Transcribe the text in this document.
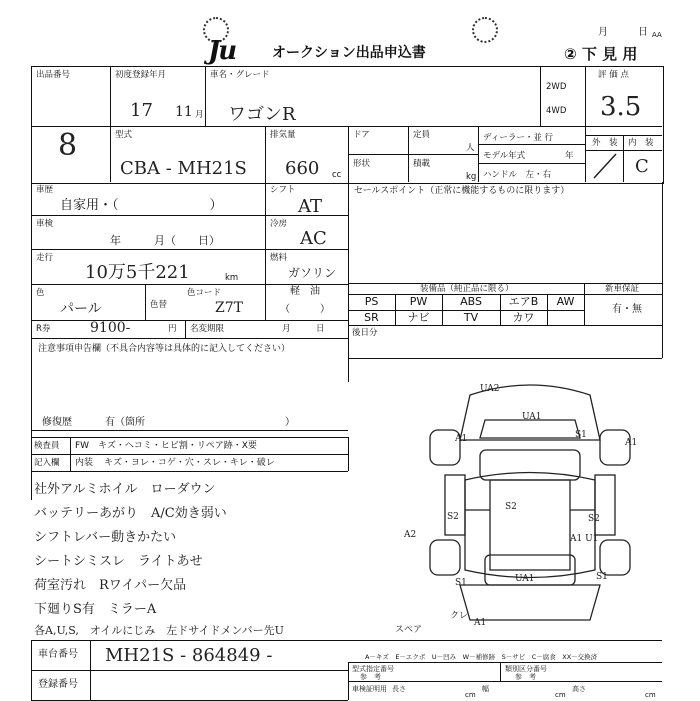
Ju	オークション出品申込書
月	日 AA
② 下 見 用
出品番号
8
初度登録年月
17 11 月
車名・グレード
ワゴンR
2WD
4WD
評 価 点
3.5
型式
CBA - MH21S
排気量
660 cc
ドア	定員
人
ディーラー・並 行
モデル年式	年
形状	積載
kg ハンドル　左・右
外　装 内　装
C
車歴
自家用・（　　　　　　　）
シフト
AT
セールスポイント（正常に機能するものに限ります）
車検
年　　　月（　　日）
冷房
AC
走行
10万5千221	km
燃料
ガソリン
軽　油
（　　　）
色
パール	色替
色コード
Z7T
R券	9100-	円 名変期限	月　　　日
装備品（純正品に限る）	新車保証
有・無
PS	PW	ABS	エアB	AW
SR	ナビ	TV	カワ
後日分
注意事項申告欄（不具合内容等は具体的に記入してください）
修復歴	有（箇所　　　　　　　　　　　　　　）
検査員 FW　キズ・ヘコミ・ヒビ割・リペア跡・X要
記入欄 内装 キズ・ヨレ・コゲ・穴・スレ・キレ・破レ
社外アルミホイル　ローダウン
バッテリーあがり　A/C効き弱い
シフトレバー動きかたい
シートシミスレ　ライトあせ
荷室汚れ　Rワイパー欠品
下廻りS有　ミラーA
各A,U,S,　オイルにじみ　左ドサイドメンバー先U
UA2
UA1
A1	S1
A1
S2
S2
S2
A2	A1 U1
S1	UA1	S1
A1
クレ
スペア
A－キズ　E－エクボ　U－凹み　W－補修跡　S－サビ　C－腐食　XX－交換済
車台番号 MH21S - 864849 -
登録番号
型式指定番号
参　考
類別区分番号
参　考
車検証明用 長さ
cm
幅
cm
高さ
cm
